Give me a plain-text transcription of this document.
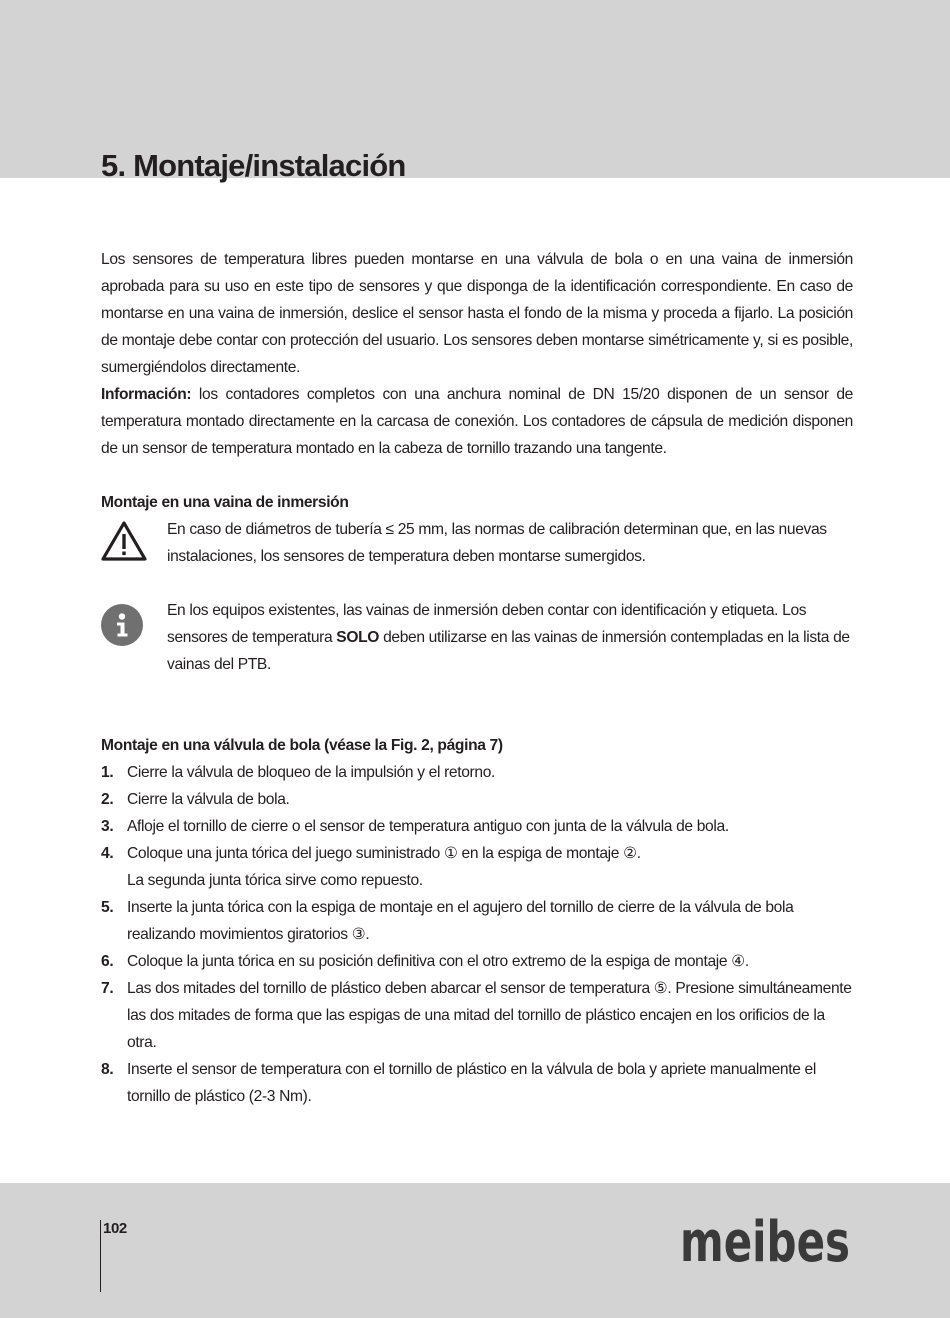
5. Montaje/instalación

Los sensores de temperatura libres pueden montarse en una válvula de bola o en una vaina de inmersión aprobada para su uso en este tipo de sensores y que disponga de la identificación correspondiente. En caso de montarse en una vaina de inmersión, deslice el sensor hasta el fondo de la misma y proceda a fijarlo. La posición de montaje debe contar con protección del usuario. Los sensores deben montarse simétricamente y, si es posible, sumergiéndolos directamente.

Información: los contadores completos con una anchura nominal de DN 15/20 disponen de un sensor de temperatura montado directamente en la carcasa de conexión. Los contadores de cápsula de medición disponen de un sensor de temperatura montado en la cabeza de tornillo trazando una tangente.

Montaje en una vaina de inmersión

En caso de diámetros de tubería ≤ 25 mm, las normas de calibración determinan que, en las nuevas instalaciones, los sensores de temperatura deben montarse sumergidos.

En los equipos existentes, las vainas de inmersión deben contar con identificación y etiqueta. Los sensores de temperatura SOLO deben utilizarse en las vainas de inmersión contempladas en la lista de vainas del PTB.

Montaje en una válvula de bola (véase la Fig. 2, página 7)

1. Cierre la válvula de bloqueo de la impulsión y el retorno.
2. Cierre la válvula de bola.
3. Afloje el tornillo de cierre o el sensor de temperatura antiguo con junta de la válvula de bola.
4. Coloque una junta tórica del juego suministrado ① en la espiga de montaje ②.
La segunda junta tórica sirve como repuesto.
5. Inserte la junta tórica con la espiga de montaje en el agujero del tornillo de cierre de la válvula de bola realizando movimientos giratorios ③.
6. Coloque la junta tórica en su posición definitiva con el otro extremo de la espiga de montaje ④.
7. Las dos mitades del tornillo de plástico deben abarcar el sensor de temperatura ⑤. Presione simultáneamente las dos mitades de forma que las espigas de una mitad del tornillo de plástico encajen en los orificios de la otra.
8. Inserte el sensor de temperatura con el tornillo de plástico en la válvula de bola y apriete manualmente el tornillo de plástico (2-3 Nm).
102	meibes
